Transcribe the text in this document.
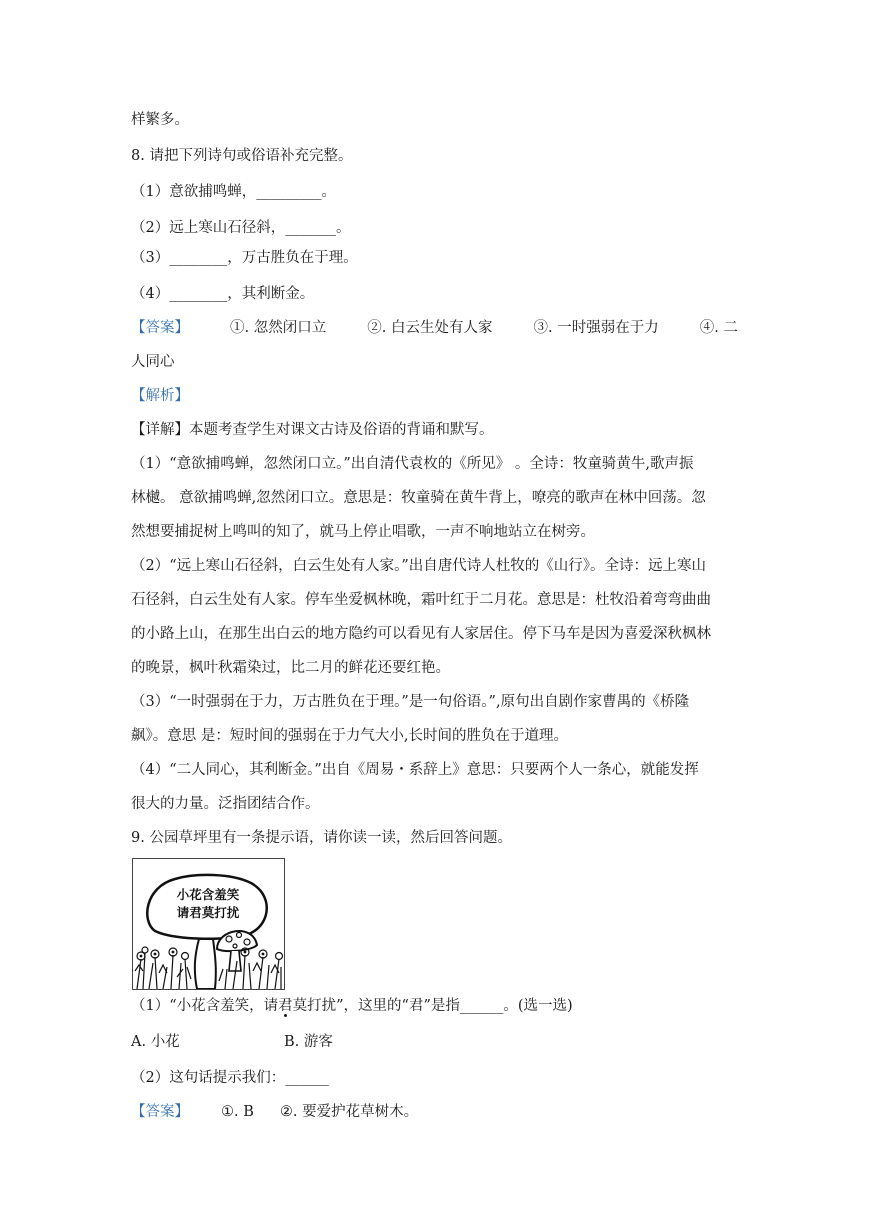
样繁多。
8. 请把下列诗句或俗语补充完整。
（1）意欲捕鸣蝉，_________。
（2）远上寒山石径斜，_______。
（3）________，万古胜负在于理。
（4）________，其利断金。
【答案】	①. 忽然闭口立	②. 白云生处有人家	③. 一时强弱在于力	④. 二
人同心
【解析】
【详解】本题考查学生对课文古诗及俗语的背诵和默写。
（1）“意欲捕鸣蝉，忽然闭口立。”出自清代袁枚的《所见》 。全诗：牧童骑黄牛,歌声振
林樾。 意欲捕鸣蝉,忽然闭口立。意思是：牧童骑在黄牛背上，嘹亮的歌声在林中回荡。忽
然想要捕捉树上鸣叫的知了，就马上停止唱歌，一声不响地站立在树旁。
（2）“远上寒山石径斜，白云生处有人家。”出自唐代诗人杜牧的《山行》。全诗：远上寒山
石径斜，白云生处有人家。停车坐爱枫林晚，霜叶红于二月花。意思是：杜牧沿着弯弯曲曲
的小路上山，在那生出白云的地方隐约可以看见有人家居住。停下马车是因为喜爱深秋枫林
的晚景，枫叶秋霜染过，比二月的鲜花还要红艳。
（3）“一时强弱在于力，万古胜负在于理。”是一句俗语。”,原句出自剧作家曹禺的《桥隆
飙》。意思 是：短时间的强弱在于力气大小,长时间的胜负在于道理。
（4）“二人同心，其利断金。”出自《周易・系辞上》意思：只要两个人一条心，就能发挥
很大的力量。泛指团结合作。
9. 公园草坪里有一条提示语，请你读一读，然后回答问题。
小花含羞笑
请君莫打扰
（1）“小花含羞笑，请君莫打扰”，这里的“君”是指______。(选一选)
A. 小花	B. 游客
（2）这句话提示我们：______
【答案】 ①. B ②. 要爱护花草树木。
